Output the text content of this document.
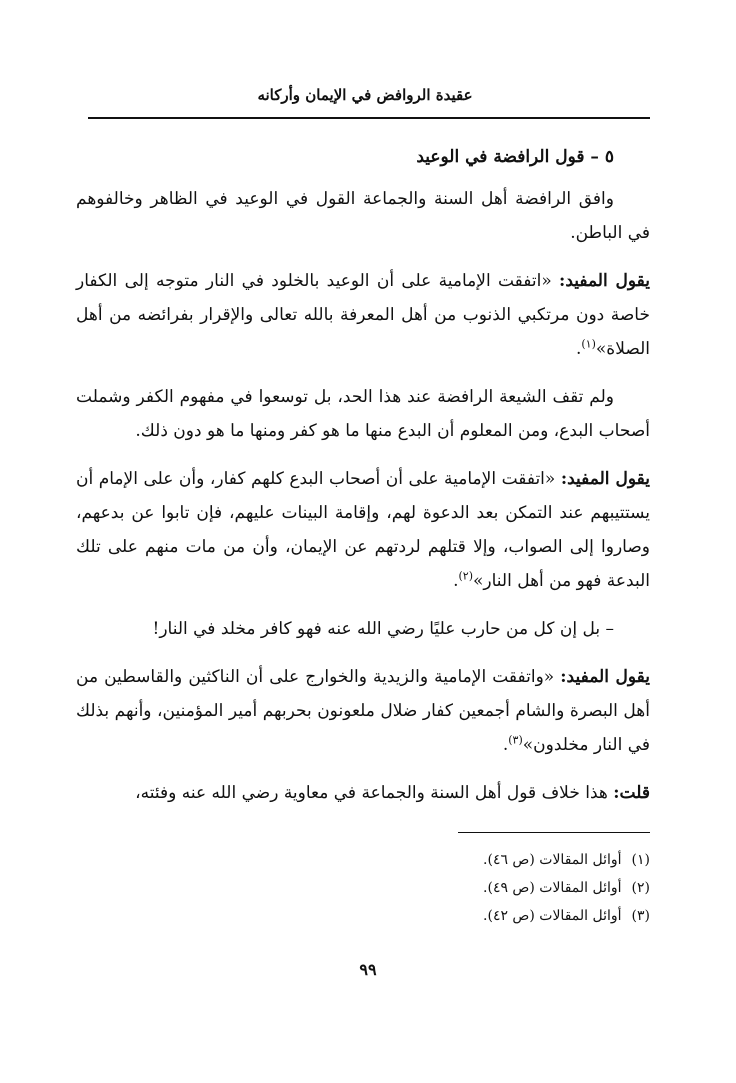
عقيدة الروافض في الإيمان وأركانه

٥ – قول الرافضة في الوعيد

وافق الرافضة أهل السنة والجماعة القول في الوعيد في الظاهر وخالفوهم في الباطن.

يقول المفيد: «اتفقت الإمامية على أن الوعيد بالخلود في النار متوجه إلى الكفار خاصة دون مرتكبي الذنوب من أهل المعرفة بالله تعالى والإقرار بفرائضه من أهل الصلاة»$^{(١)}$.

ولم تقف الشيعة الرافضة عند هذا الحد، بل توسعوا في مفهوم الكفر وشملت أصحاب البدع، ومن المعلوم أن البدع منها ما هو كفر ومنها ما هو دون ذلك.

يقول المفيد: «اتفقت الإمامية على أن أصحاب البدع كلهم كفار، وأن على الإمام أن يستتيبهم عند التمكن بعد الدعوة لهم، وإقامة البينات عليهم، فإن تابوا عن بدعهم، وصاروا إلى الصواب، وإلا قتلهم لردتهم عن الإيمان، وأن من مات منهم على تلك البدعة فهو من أهل النار»$^{(٢)}$.

– بل إن كل من حارب عليًا رضي الله عنه فهو كافر مخلد في النار!

يقول المفيد: «واتفقت الإمامية والزيدية والخوارج على أن الناكثين والقاسطين من أهل البصرة والشام أجمعين كفار ضلال ملعونون بحربهم أمير المؤمنين، وأنهم بذلك في النار مخلدون»$^{(٣)}$.

قلت: هذا خلاف قول أهل السنة والجماعة في معاوية رضي الله عنه وفئته،

(١)
أوائل المقالات (ص ٤٦).
(٢)
أوائل المقالات (ص ٤٩).
(٣)
أوائل المقالات (ص ٤٢).
٩٩
